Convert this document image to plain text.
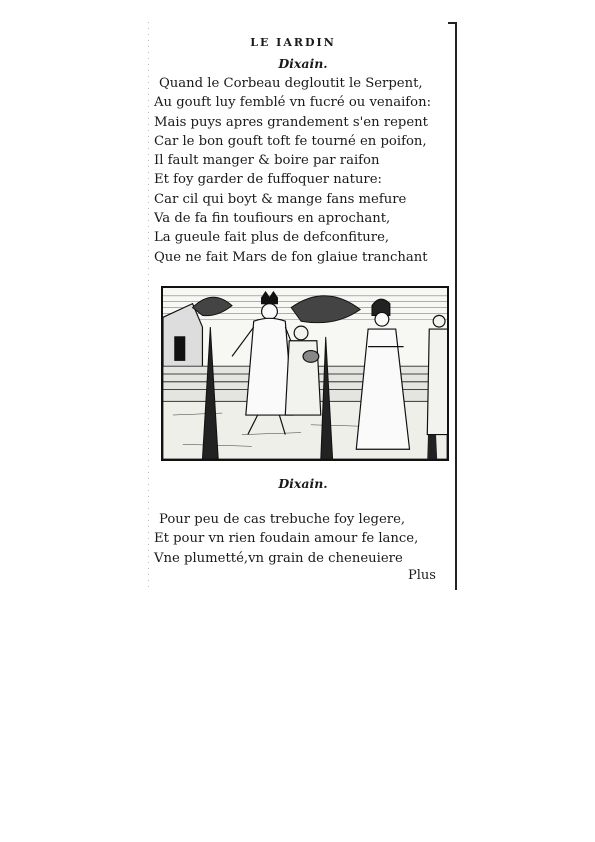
LE IARDIN
Dixain.
Quand le Corbeau degloutit le Serpent,
Au gouft luy femblé vn fucré ou venaifon:
Mais puys apres grandement s'en repent
Car le bon gouft toft fe tourné en poifon,
Il fault manger & boire par raifon
Et foy garder de fuffoquer nature:
Car cil qui boyt & mange fans mefure
Va de fa fin toufiours en aprochant,
La gueule fait plus de defconfiture,
Que ne fait Mars de fon glaiue tranchant
Dixain.
Pour peu de cas trebuche foy legere,
Et pour vn rien foudain amour fe lance,
Vne plumetté,vn grain de cheneuiere
Plus
